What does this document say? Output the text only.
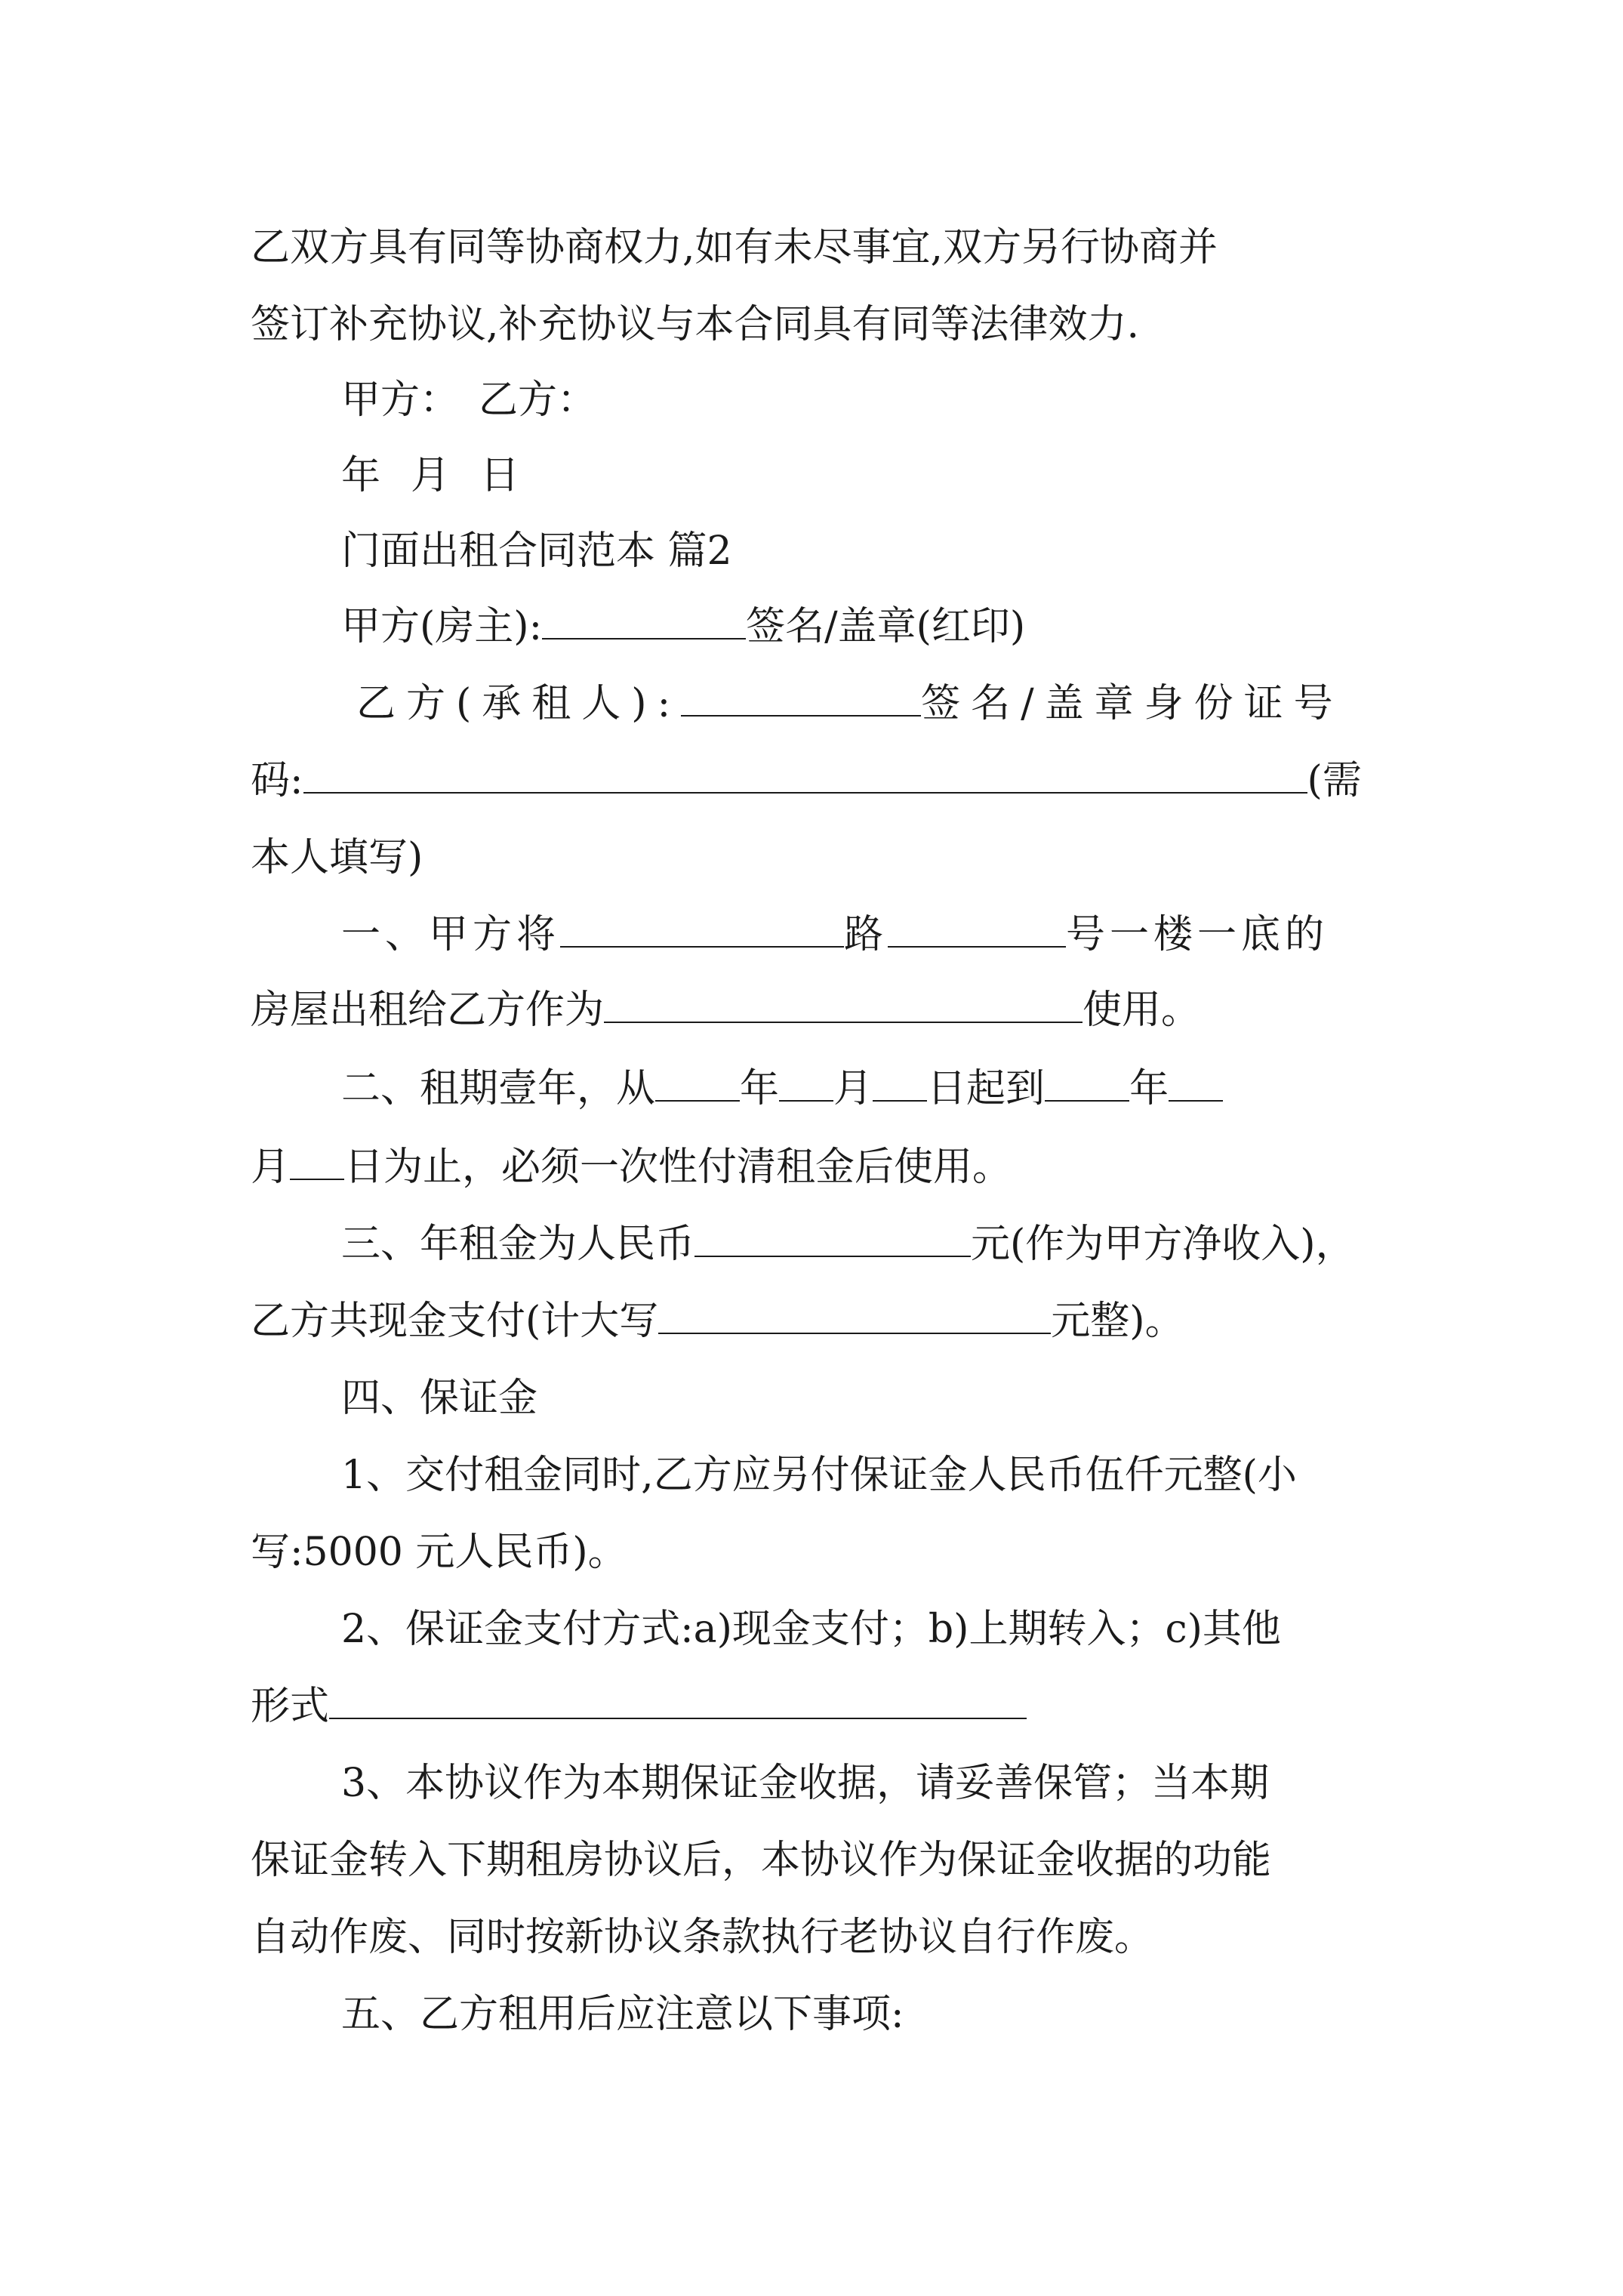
乙双方具有同等协商权力,如有未尽事宜,双方另行协商并
签订补充协议,补充协议与本合同具有同等法律效力.
甲方： 乙方：
年 月 日
门面出租合同范本 篇2
甲方(房主):	签名/盖章(红印)
乙方(承租人):	签名/盖章身份证号
码:	(需
本人填写)
一、甲方将	路	号一楼一底的
房屋出租给乙方作为	使用。
二、租期壹年，从 年 月 日起到 年
月 日为止，必须一次性付清租金后使用。
三、年租金为人民币	元(作为甲方净收入)，
乙方共现金支付(计大写	元整)。
四、保证金
1、交付租金同时,乙方应另付保证金人民币伍仟元整(小
写:5000 元人民币)。
2、保证金支付方式:a)现金支付；b)上期转入；c)其他
形式
3、本协议作为本期保证金收据，请妥善保管；当本期
保证金转入下期租房协议后，本协议作为保证金收据的功能
自动作废、同时按新协议条款执行老协议自行作废。
五、乙方租用后应注意以下事项:
